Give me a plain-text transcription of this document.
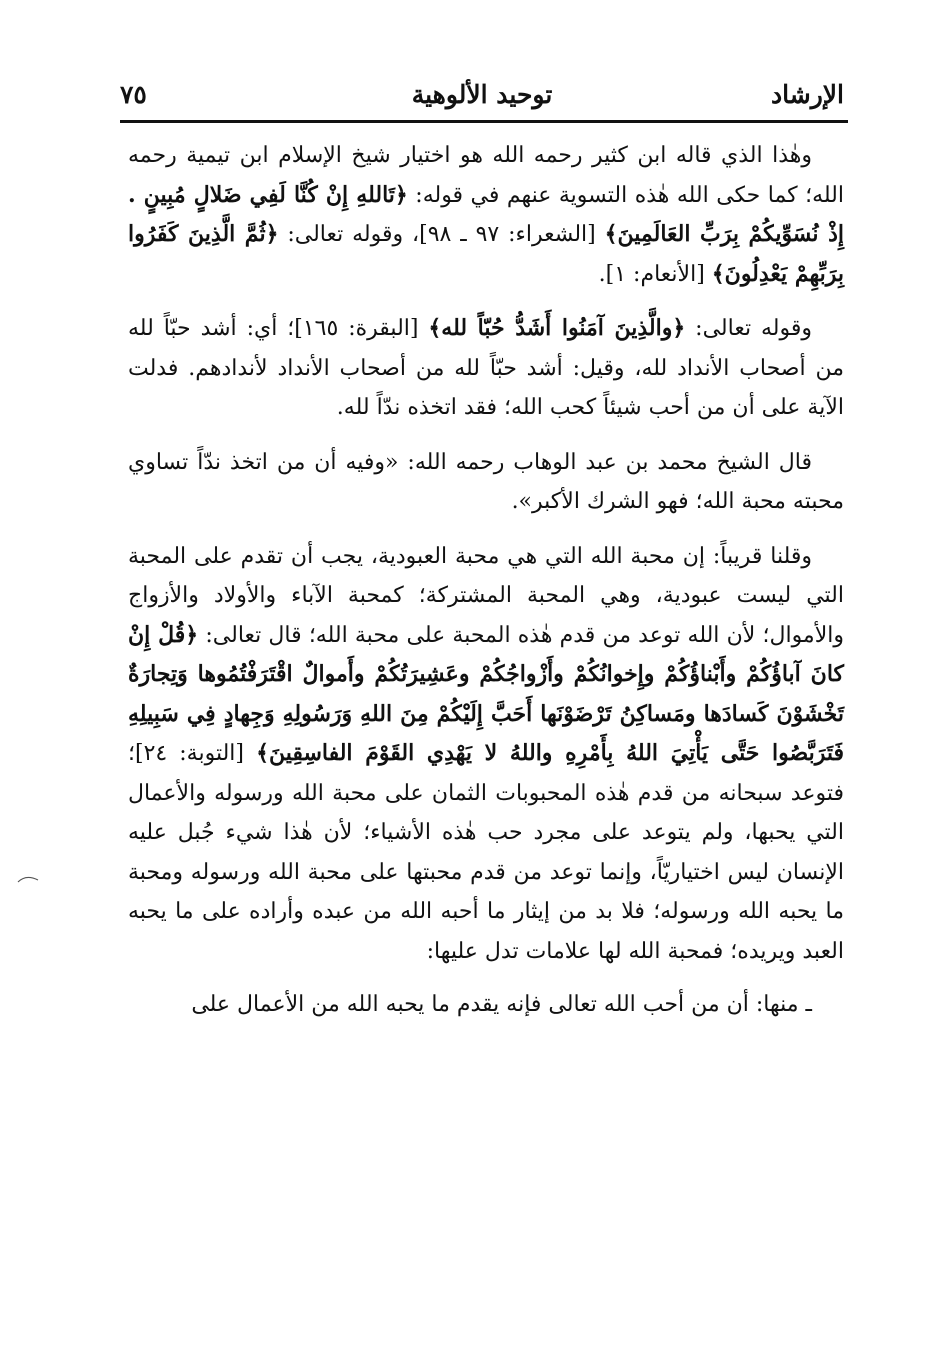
الإرشاد
توحيد الألوهية
٧٥

وهٰذا الذي قاله ابن كثير رحمه الله هو اختيار شيخ الإسلام ابن تيمية رحمه الله؛ كما حكى الله هٰذه التسوية عنهم في قوله: ﴿تَاللهِ إِنْ كُنَّا لَفِي ضَلالٍ مُبِينٍ . إِذْ نُسَوِّيكُمْ بِرَبِّ العَالَمِينَ﴾ [الشعراء: ٩٧ ـ ٩٨]، وقوله تعالى: ﴿ثُمَّ الَّذِينَ كَفَرُوا بِرَبِّهِمْ يَعْدِلُونَ﴾ [الأنعام: ١].

وقوله تعالى: ﴿والَّذِينَ آمَنُوا أَشَدُّ حُبّاً لله﴾ [البقرة: ١٦٥]؛ أي: أشد حبّاً لله من أصحاب الأنداد لله، وقيل: أشد حبّاً لله من أصحاب الأنداد لأندادهم. فدلت الآية على أن من أحب شيئاً كحب الله؛ فقد اتخذه ندّاً لله.

قال الشيخ محمد بن عبد الوهاب رحمه الله: «وفيه أن من اتخذ ندّاً تساوي محبته محبة الله؛ فهو الشرك الأكبر».

وقلنا قريباً: إن محبة الله التي هي محبة العبودية، يجب أن تقدم على المحبة التي ليست عبودية، وهي المحبة المشتركة؛ كمحبة الآباء والأولاد والأزواج والأموال؛ لأن الله توعد من قدم هٰذه المحبة على محبة الله؛ قال تعالى: ﴿قُلْ إِنْ كانَ آباؤُكُمْ وأَبْناؤُكُمْ وإِخوانُكُمْ وأَزْواجُكُمْ وعَشِيرَتُكُمْ وأَموالٌ اقْتَرَفْتُمُوها وَتِجارَةٌ تَخْشَوْنَ كَسادَها ومَساكِنُ تَرْضَوْنَها أَحَبَّ إِلَيْكُمْ مِنَ اللهِ وَرَسُولِهِ وَجِهادٍ فِي سَبِيلِهِ فَتَرَبَّصُوا حَتَّى يَأْتِيَ اللهُ بِأَمْرِهِ واللهُ لا يَهْدِي القَوْمَ الفاسِقِينَ﴾ [التوبة: ٢٤]؛ فتوعد سبحانه من قدم هٰذه المحبوبات الثمان على محبة الله ورسوله والأعمال التي يحبها، ولم يتوعد على مجرد حب هٰذه الأشياء؛ لأن هٰذا شيء جُبل عليه الإنسان ليس اختياريّاً، وإنما توعد من قدم محبتها على محبة الله ورسوله ومحبة ما يحبه الله ورسوله؛ فلا بد من إيثار ما أحبه الله من عبده وأراده على ما يحبه العبد ويريده؛ فمحبة الله لها علامات تدل عليها:

ـ منها: أن من أحب الله تعالى فإنه يقدم ما يحبه الله من الأعمال على
